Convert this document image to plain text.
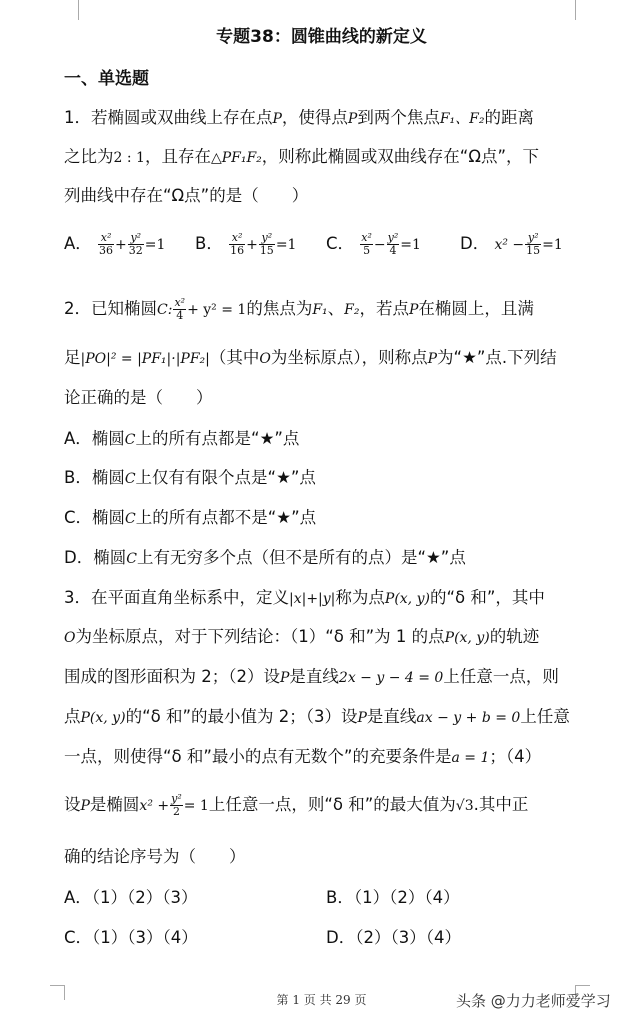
专题38：圆锥曲线的新定义
一、单选题
1．若椭圆或双曲线上存在点P，使得点P到两个焦点F₁、F₂的距离
之比为2 : 1，且存在△PF₁F₂，则称此椭圆或双曲线存在“Ω点”，下
列曲线中存在“Ω点”的是（　　）
A． $\frac{\text{x²}}{36} + \frac{\text{y²}}{32} =1$ B． $\frac{\text{x²}}{16} + \frac{\text{y²}}{15} =1$ C． $\frac{\text{x²}}{5} - \frac{\text{y²}}{4} =1$ D． $x^2 - \frac{\text{y²}}{15} =1$
2．已知椭圆C: $\frac{\text{x²}}{4} + y^2 = 1$的焦点为F₁、F₂，若点P在椭圆上，且满
足|PO|² = |PF₁|·|PF₂|（其中O为坐标原点），则称点P为“★”点.下列结
论正确的是（　　）
A．椭圆C上的所有点都是“★”点
B．椭圆C上仅有有限个点是“★”点
C．椭圆C上的所有点都不是“★”点
D．椭圆C上有无穷多个点（但不是所有的点）是“★”点
3．在平面直角坐标系中，定义|x|+|y|称为点P(x, y)的“δ 和”，其中
O为坐标原点，对于下列结论：（1）“δ 和”为 1 的点P(x, y)的轨迹
围成的图形面积为 2；（2）设P是直线2x − y − 4 = 0上任意一点，则
点P(x, y)的“δ 和”的最小值为 2；（3）设P是直线ax − y + b = 0上任意
一点，则使得“δ 和”最小的点有无数个”的充要条件是a = 1；（4）
设P是椭圆$x^2 + \frac{\text{y²}}{2} = 1$上任意一点，则“δ 和”的最大值为√3.其中正
确的结论序号为（　　）
A．（1）（2）（3）	B．（1）（2）（4）
C．（1）（3）（4）	D．（2）（3）（4）
第 1 页 共 29 页	头条 @力力老师爱学习
